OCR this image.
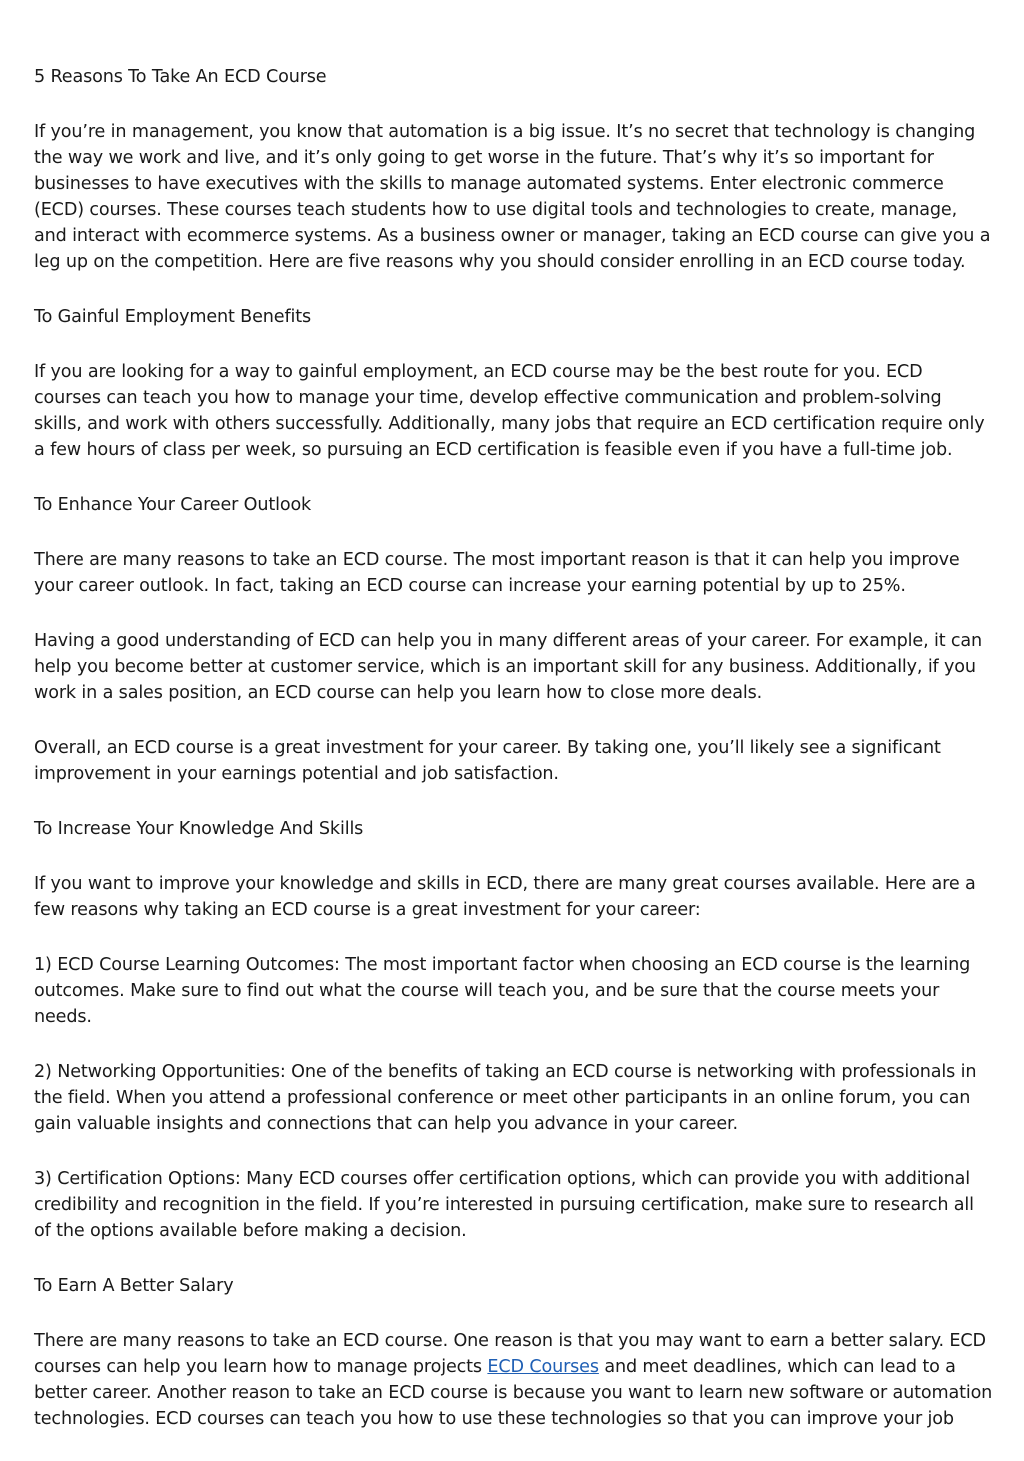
5 Reasons To Take An ECD Course

If you’re in management, you know that automation is a big issue. It’s no secret that technology is changing the way we work and live, and it’s only going to get worse in the future. That’s why it’s so important for businesses to have executives with the skills to manage automated systems. Enter electronic commerce (ECD) courses. These courses teach students how to use digital tools and technologies to create, manage, and interact with ecommerce systems. As a business owner or manager, taking an ECD course can give you a leg up on the competition. Here are five reasons why you should consider enrolling in an ECD course today.

To Gainful Employment Benefits

If you are looking for a way to gainful employment, an ECD course may be the best route for you. ECD courses can teach you how to manage your time, develop effective communication and problem-solving skills, and work with others successfully. Additionally, many jobs that require an ECD certification require only a few hours of class per week, so pursuing an ECD certification is feasible even if you have a full-time job.

To Enhance Your Career Outlook

There are many reasons to take an ECD course. The most important reason is that it can help you improve your career outlook. In fact, taking an ECD course can increase your earning potential by up to 25%.

Having a good understanding of ECD can help you in many different areas of your career. For example, it can help you become better at customer service, which is an important skill for any business. Additionally, if you work in a sales position, an ECD course can help you learn how to close more deals.

Overall, an ECD course is a great investment for your career. By taking one, you’ll likely see a significant improvement in your earnings potential and job satisfaction.

To Increase Your Knowledge And Skills

If you want to improve your knowledge and skills in ECD, there are many great courses available. Here are a few reasons why taking an ECD course is a great investment for your career:

1) ECD Course Learning Outcomes: The most important factor when choosing an ECD course is the learning outcomes. Make sure to find out what the course will teach you, and be sure that the course meets your needs.

2) Networking Opportunities: One of the benefits of taking an ECD course is networking with professionals in the field. When you attend a professional conference or meet other participants in an online forum, you can gain valuable insights and connections that can help you advance in your career.

3) Certification Options: Many ECD courses offer certification options, which can provide you with additional credibility and recognition in the field. If you’re interested in pursuing certification, make sure to research all of the options available before making a decision.

To Earn A Better Salary

There are many reasons to take an ECD course. One reason is that you may want to earn a better salary. ECD courses can help you learn how to manage projects ECD Courses and meet deadlines, which can lead to a better career. Another reason to take an ECD course is because you want to learn new software or automation technologies. ECD courses can teach you how to use these technologies so that you can improve your job
